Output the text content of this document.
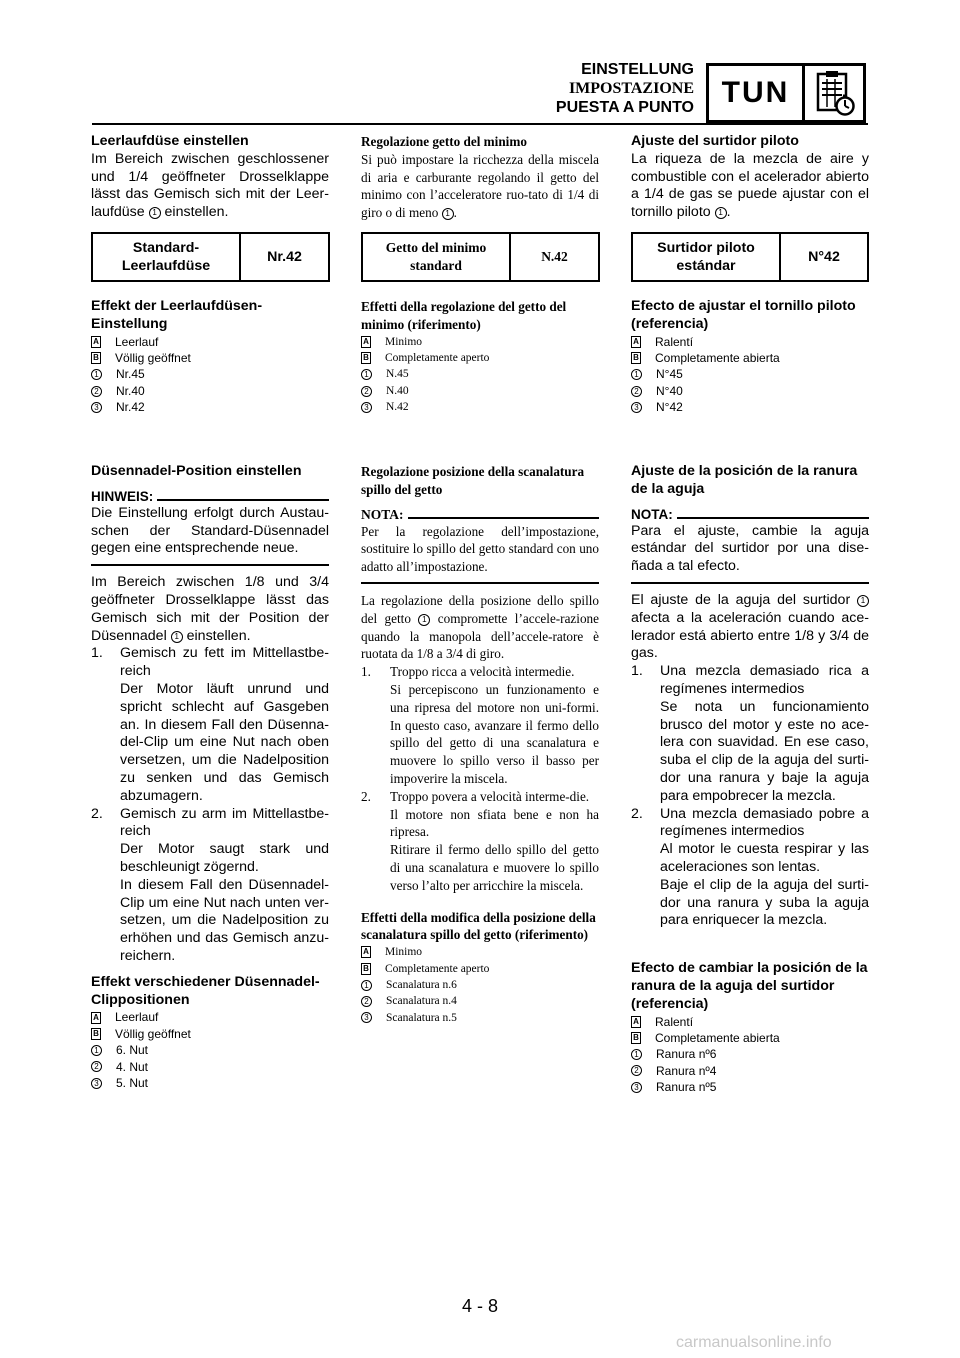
EINSTELLUNG
IMPOSTAZIONE
PUESTA A PUNTO TUN

Leerlaufdüse einstellen

Im Bereich zwischen geschlossener und 1/4 geöffneter Drosselklappe lässt das Gemisch sich mit der Leer-laufdüse 1 einstellen.

Standard-Leerlaufdüse
Nr.42

Effekt der Leerlaufdüsen-Einstellung

A Leerlauf
B Völlig geöffnet
1 Nr.45
2 Nr.40
3 Nr.42

Düsennadel-Position einstellen

HINWEIS:

Die Einstellung erfolgt durch Austau-schen der Standard-Düsennadel gegen eine entsprechende neue.

Im Bereich zwischen 1/8 und 3/4 geöffneter Drosselklappe lässt das Gemisch sich mit der Position der Düsennadel 1 einstellen.

1.	Gemisch zu fett im Mittellastbe-reich

Der Motor läuft unrund und spricht schlecht auf Gasgeben an. In diesem Fall den Düsenna-del-Clip um eine Nut nach oben versetzen, um die Nadelposition zu senken und das Gemisch abzumagern.

2.	Gemisch zu arm im Mittellastbe-reich

Der Motor saugt stark und beschleunigt zögernd.

In diesem Fall den Düsennadel-Clip um eine Nut nach unten ver-setzen, um die Nadelposition zu erhöhen und das Gemisch anzu-reichern.

Effekt verschiedener Düsennadel-Clippositionen

A Leerlauf
B Völlig geöffnet
1 6. Nut
2 4. Nut
3 5. Nut

Regolazione getto del minimo

Si può impostare la ricchezza della miscela di aria e carburante regolando il getto del minimo con l’acceleratore ruo-tato di 1/4 di giro o di meno 1 .

Getto del minimo standard
N.42

Effetti della regolazione del getto del minimo (riferimento)

A Minimo
B Completamente aperto
1 N.45
2 N.40
3 N.42

Regolazione posizione della scanalatura spillo del getto

NOTA:

Per la regolazione dell’impostazione, sostituire lo spillo del getto standard con uno adatto all’impostazione.

La regolazione della posizione dello spillo del getto 1 compromette l’accele-razione quando la manopola dell’accele-ratore è ruotata da 1/8 a 3/4 di giro.

1.	Troppo ricca a velocità intermedie.

Si percepiscono un funzionamento e una ripresa del motore non uni-formi. In questo caso, avanzare il fermo dello spillo del getto di una scanalatura e muovere lo spillo verso il basso per impoverire la miscela.

2.	Troppo povera a velocità interme-die.

Il motore non sfiata bene e non ha ripresa.

Ritirare il fermo dello spillo del getto di una scanalatura e muovere lo spillo verso l’alto per arricchire la miscela.

Effetti della modifica della posizione della scanalatura spillo del getto (riferimento)

A Minimo
B Completamente aperto
1 Scanalatura n.6
2 Scanalatura n.4
3 Scanalatura n.5

Ajuste del surtidor piloto

La riqueza de la mezcla de aire y combustible con el acelerador abierto a 1/4 de gas se puede ajustar con el tornillo piloto 1 .

Surtidor piloto estándar
N°42

Efecto de ajustar el tornillo piloto (referencia)

A Ralentí
B Completamente abierta
1 N°45
2 N°40
3 N°42

Ajuste de la posición de la ranura de la aguja

NOTA:

Para el ajuste, cambie la aguja estándar del surtidor por una dise-ñada a tal efecto.

El ajuste de la aguja del surtidor 1 afecta a la aceleración cuando ace-lerador está abierto entre 1/8 y 3/4 de gas.

1.	Una mezcla demasiado rica a regímenes intermedios

Se nota un funcionamiento brusco del motor y este no ace-lera con suavidad. En ese caso, suba el clip de la aguja del surti-dor una ranura y baje la aguja para empobrecer la mezcla.

2.	Una mezcla demasiado pobre a regímenes intermedios

Al motor le cuesta respirar y las aceleraciones son lentas.

Baje el clip de la aguja del surti-dor una ranura y suba la aguja para enriquecer la mezcla.

Efecto de cambiar la posición de la ranura de la aguja del surtidor (referencia)

A Ralentí
B Completamente abierta
1 Ranura nº6
2 Ranura nº4
3 Ranura nº5
4 - 8
carmanualsonline.info
